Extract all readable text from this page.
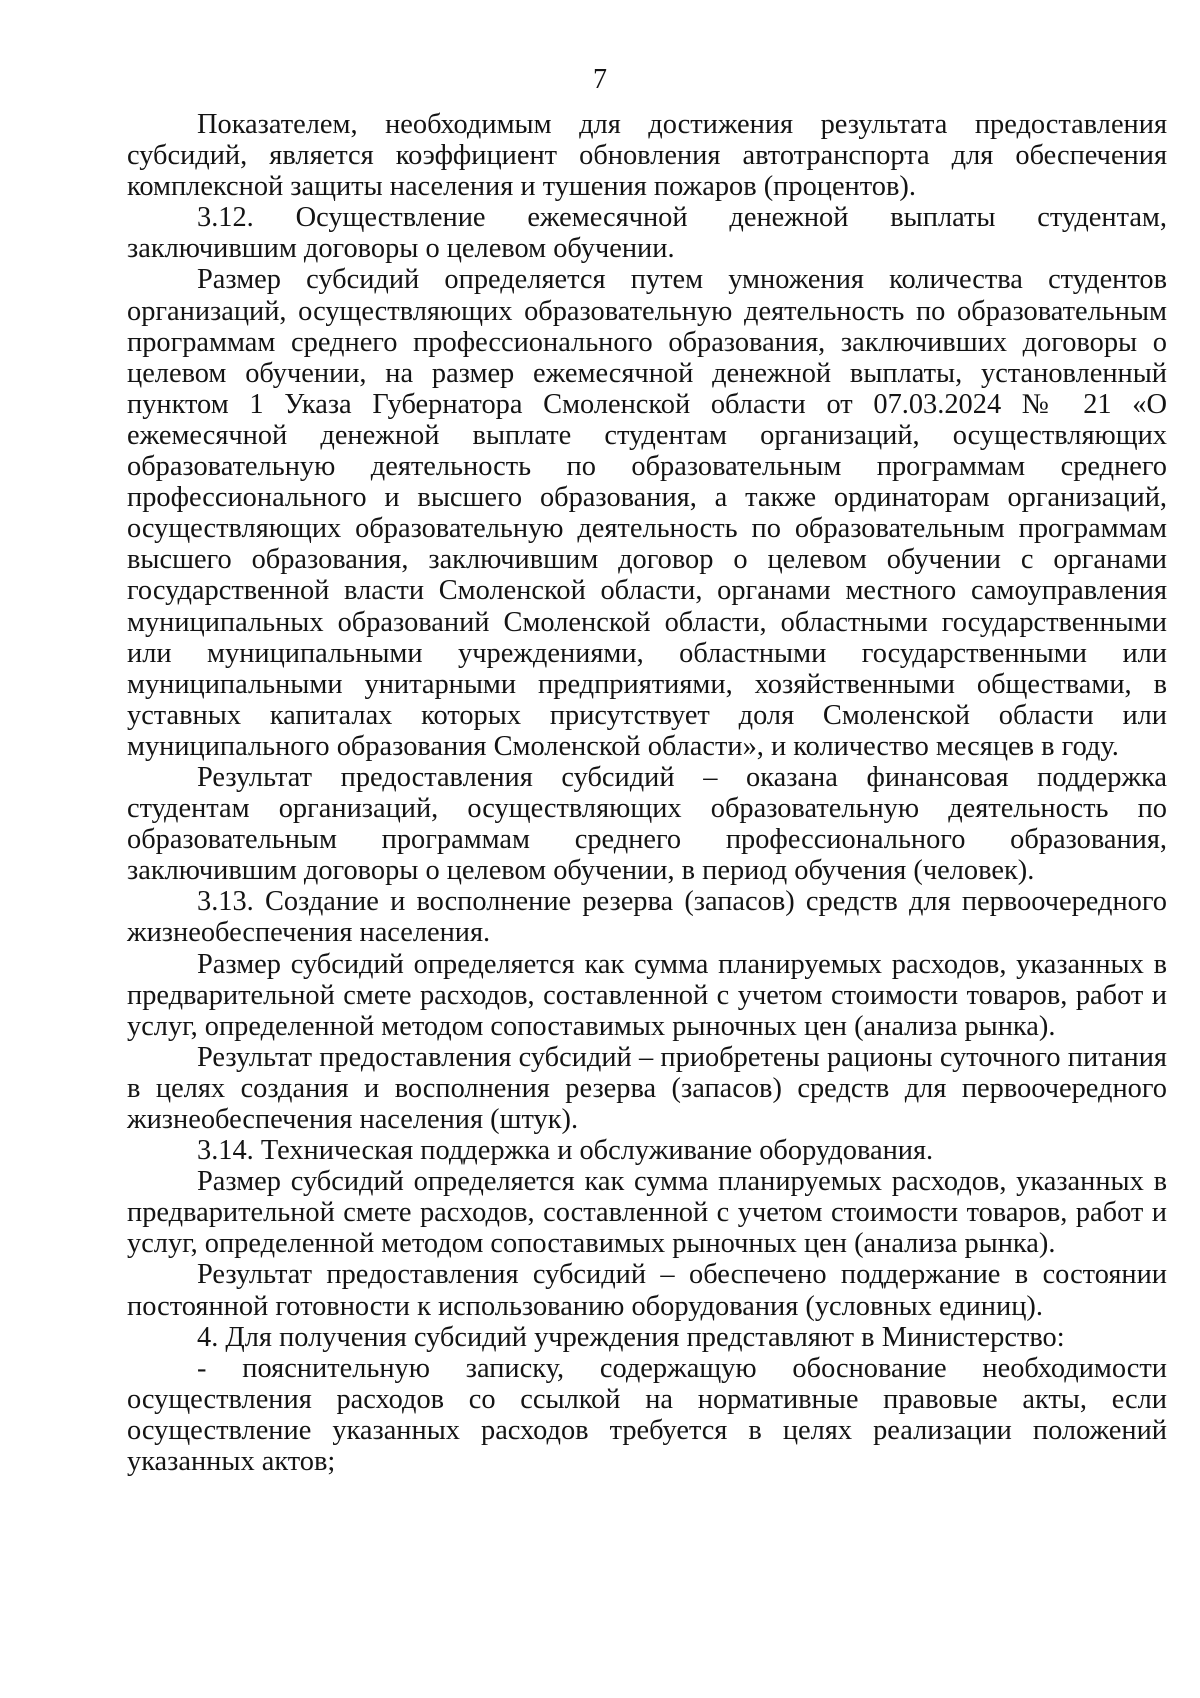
7

Показателем, необходимым для достижения результата предоставления субсидий, является коэффициент обновления автотранспорта для обеспечения комплексной защиты населения и тушения пожаров (процентов).

3.12. Осуществление ежемесячной денежной выплаты студентам, заключившим договоры о целевом обучении.

Размер субсидий определяется путем умножения количества студентов организаций, осуществляющих образовательную деятельность по образовательным программам среднего профессионального образования, заключивших договоры о целевом обучении, на размер ежемесячной денежной выплаты, установленный пунктом 1 Указа Губернатора Смоленской области от 07.03.2024 № 21 «О ежемесячной денежной выплате студентам организаций, осуществляющих образовательную деятельность по образовательным программам среднего профессионального и высшего образования, а также ординаторам организаций, осуществляющих образовательную деятельность по образовательным программам высшего образования, заключившим договор о целевом обучении с органами государственной власти Смоленской области, органами местного самоуправления муниципальных образований Смоленской области, областными государственными или муниципальными учреждениями, областными государственными или муниципальными унитарными предприятиями, хозяйственными обществами, в уставных капиталах которых присутствует доля Смоленской области или муниципального образования Смоленской области», и количество месяцев в году.

Результат предоставления субсидий – оказана финансовая поддержка студентам организаций, осуществляющих образовательную деятельность по образовательным программам среднего профессионального образования, заключившим договоры о целевом обучении, в период обучения (человек).

3.13. Создание и восполнение резерва (запасов) средств для первоочередного жизнеобеспечения населения.

Размер субсидий определяется как сумма планируемых расходов, указанных в предварительной смете расходов, составленной с учетом стоимости товаров, работ и услуг, определенной методом сопоставимых рыночных цен (анализа рынка).

Результат предоставления субсидий – приобретены рационы суточного питания в целях создания и восполнения резерва (запасов) средств для первоочередного жизнеобеспечения населения (штук).

3.14. Техническая поддержка и обслуживание оборудования.

Размер субсидий определяется как сумма планируемых расходов, указанных в предварительной смете расходов, составленной с учетом стоимости товаров, работ и услуг, определенной методом сопоставимых рыночных цен (анализа рынка).

Результат предоставления субсидий – обеспечено поддержание в состоянии постоянной готовности к использованию оборудования (условных единиц).

4. Для получения субсидий учреждения представляют в Министерство:

- пояснительную записку, содержащую обоснование необходимости осуществления расходов со ссылкой на нормативные правовые акты, если осуществление указанных расходов требуется в целях реализации положений указанных актов;
